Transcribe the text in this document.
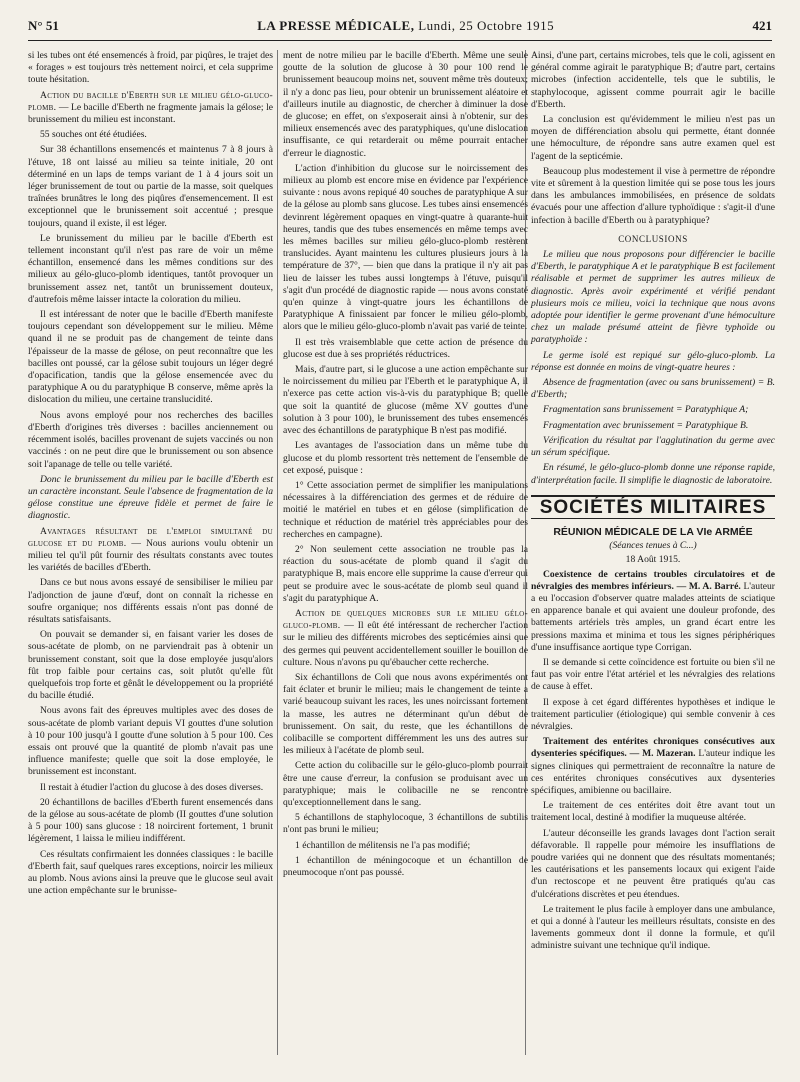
N° 51	LA PRESSE MÉDICALE, Lundi, 25 Octobre 1915	421

si les tubes ont été ensemencés à froid, par piqûres, le trajet des « forages » est toujours très nettement noirci, et cela supprime toute hésitation.

Action du bacille d'Eberth sur le milieu gélo-gluco-plomb. — Le bacille d'Eberth ne fragmente jamais la gélose; le brunissement du milieu est inconstant.

55 souches ont été étudiées.

Sur 38 échantillons ensemencés et maintenus 7 à 8 jours à l'étuve, 18 ont laissé au milieu sa teinte initiale, 20 ont déterminé en un laps de temps variant de 1 à 4 jours soit un léger brunissement de tout ou partie de la masse, soit quelques traînées brunâtres le long des piqûres d'ensemencement. Il est exceptionnel que le brunissement soit accentué ; presque toujours, quand il existe, il est léger.

Le brunissement du milieu par le bacille d'Eberth est tellement inconstant qu'il n'est pas rare de voir un même échantillon, ensemencé dans les mêmes conditions sur des milieux au gélo-gluco-plomb identiques, tantôt provoquer un brunissement assez net, tantôt un brunissement douteux, d'autrefois même laisser intacte la coloration du milieu.

Il est intéressant de noter que le bacille d'Eberth manifeste toujours cependant son développement sur le milieu. Même quand il ne se produit pas de changement de teinte dans l'épaisseur de la masse de gélose, on peut reconnaître que les bacilles ont poussé, car la gélose subit toujours un léger degré d'opacification, tandis que la gélose ensemencée avec du paratyphique A ou du paratyphique B conserve, même après la dislocation du milieu, une certaine translucidité.

Nous avons employé pour nos recherches des bacilles d'Eberth d'origines très diverses : bacilles anciennement ou récemment isolés, bacilles provenant de sujets vaccinés ou non vaccinés : on ne peut dire que le brunissement ou son absence soit l'apanage de telle ou telle variété.

Donc le brunissement du milieu par le bacille d'Eberth est un caractère inconstant. Seule l'absence de fragmentation de la gélose constitue une épreuve fidèle et permet de faire le diagnostic.

Avantages résultant de l'emploi simultané du glucose et du plomb. — Nous aurions voulu obtenir un milieu tel qu'il pût fournir des résultats constants avec toutes les variétés de bacilles d'Eberth.

Dans ce but nous avons essayé de sensibiliser le milieu par l'adjonction de jaune d'œuf, dont on connaît la richesse en soufre organique; nos différents essais n'ont pas donné de résultats satisfaisants.

On pouvait se demander si, en faisant varier les doses de sous-acétate de plomb, on ne parviendrait pas à obtenir un brunissement constant, soit que la dose employée jusqu'alors fût trop faible pour certains cas, soit plutôt qu'elle fût quelquefois trop forte et gênât le développement ou la propriété du bacille étudié.

Nous avons fait des épreuves multiples avec des doses de sous-acétate de plomb variant depuis VI gouttes d'une solution à 10 pour 100 jusqu'à I goutte d'une solution à 5 pour 100. Ces essais ont prouvé que la quantité de plomb n'avait pas une influence manifeste; quelle que soit la dose employée, le brunissement est inconstant.

Il restait à étudier l'action du glucose à des doses diverses.

20 échantillons de bacilles d'Eberth furent ensemencés dans de la gélose au sous-acétate de plomb (II gouttes d'une solution à 5 pour 100) sans glucose : 18 noircirent fortement, 1 brunit légèrement, 1 laissa le milieu indifférent.

Ces résultats confirmaient les données classiques : le bacille d'Eberth fait, sauf quelques rares exceptions, noircir les milieux au plomb. Nous avions ainsi la preuve que le glucose seul avait une action empêchante sur le brunisse-

ment de notre milieu par le bacille d'Eberth. Même une seule goutte de la solution de glucose à 30 pour 100 rend le brunissement beaucoup moins net, souvent même très douteux; il n'y a donc pas lieu, pour obtenir un brunissement aléatoire et d'ailleurs inutile au diagnostic, de chercher à diminuer la dose de glucose; en effet, on s'exposerait ainsi à n'obtenir, sur des milieux ensemencés avec des paratyphiques, qu'une dislocation insuffisante, ce qui retarderait ou même pourrait entacher d'erreur le diagnostic.

L'action d'inhibition du glucose sur le noircissement des milieux au plomb est encore mise en évidence par l'expérience suivante : nous avons repiqué 40 souches de paratyphique A sur de la gélose au plomb sans glucose. Les tubes ainsi ensemencés devinrent légèrement opaques en vingt-quatre à quarante-huit heures, tandis que des tubes ensemencés en même temps avec les mêmes bacilles sur milieu gélo-gluco-plomb restèrent translucides. Ayant maintenu les cultures plusieurs jours à la température de 37°, — bien que dans la pratique il n'y ait pas lieu de laisser les tubes aussi longtemps à l'étuve, puisqu'il s'agit d'un procédé de diagnostic rapide — nous avons constaté qu'en quinze à vingt-quatre jours les échantillons de Paratyphique A finissaient par foncer le milieu gélo-plomb, alors que le milieu gélo-gluco-plomb n'avait pas varié de teinte.

Il est très vraisemblable que cette action de présence du glucose est due à ses propriétés réductrices.

Mais, d'autre part, si le glucose a une action empêchante sur le noircissement du milieu par l'Eberth et le paratyphique A, il n'exerce pas cette action vis-à-vis du paratyphique B; quelle que soit la quantité de glucose (même XV gouttes d'une solution à 3 pour 100), le brunissement des tubes ensemencés avec des échantillons de paratyphique B n'est pas modifié.

Les avantages de l'association dans un même tube du glucose et du plomb ressortent très nettement de l'ensemble de cet exposé, puisque :

1° Cette association permet de simplifier les manipulations nécessaires à la différenciation des germes et de réduire de moitié le matériel en tubes et en gélose (simplification de technique et réduction de matériel très appréciables pour des recherches en campagne).

2° Non seulement cette association ne trouble pas la réaction du sous-acétate de plomb quand il s'agit du paratyphique B, mais encore elle supprime la cause d'erreur qui peut se produire avec le sous-acétate de plomb seul quand il s'agit du paratyphique A.

Action de quelques microbes sur le milieu gélo-gluco-plomb. — Il eût été intéressant de rechercher l'action sur le milieu des différents microbes des septicémies ainsi que des germes qui peuvent accidentellement souiller le bouillon de culture. Nous n'avons pu qu'ébaucher cette recherche.

Six échantillons de Coli que nous avons expérimentés ont fait éclater et brunir le milieu; mais le changement de teinte a varié beaucoup suivant les races, les unes noircissant fortement la masse, les autres ne déterminant qu'un début de brunissement. On sait, du reste, que les échantillons de colibacille se comportent différemment les uns des autres sur les milieux à l'acétate de plomb seul.

Cette action du colibacille sur le gélo-gluco-plomb pourrait être une cause d'erreur, la confusion se produisant avec un paratyphique; mais le colibacille ne se rencontre qu'exceptionnellement dans le sang.

5 échantillons de staphylocoque, 3 échantillons de subtilis n'ont pas bruni le milieu;

1 échantillon de mélitensis ne l'a pas modifié;

1 échantillon de méningocoque et un échantillon de pneumocoque n'ont pas poussé.

Ainsi, d'une part, certains microbes, tels que le coli, agissent en général comme agirait le paratyphique B; d'autre part, certains microbes (infection accidentelle, tels que le subtilis, le staphylocoque, agissent comme pourrait agir le bacille d'Eberth.

La conclusion est qu'évidemment le milieu n'est pas un moyen de différenciation absolu qui permette, étant donnée une hémoculture, de répondre sans autre examen quel est l'agent de la septicémie.

Beaucoup plus modestement il vise à permettre de répondre vite et sûrement à la question limitée qui se pose tous les jours dans les ambulances immobilisées, en présence de soldats évacués pour une affection d'allure typhoïdique : s'agit-il d'une infection à bacille d'Eberth ou à paratyphique?

CONCLUSIONS

Le milieu que nous proposons pour différencier le bacille d'Eberth, le paratyphique A et le paratyphique B est facilement réalisable et permet de supprimer les autres milieux de diagnostic. Après avoir expérimenté et vérifié pendant plusieurs mois ce milieu, voici la technique que nous avons adoptée pour identifier le germe provenant d'une hémoculture chez un malade présumé atteint de fièvre typhoïde ou paratyphoïde :

Le germe isolé est repiqué sur gélo-gluco-plomb. La réponse est donnée en moins de vingt-quatre heures :

Absence de fragmentation (avec ou sans brunissement) = B. d'Eberth;

Fragmentation sans brunissement = Paratyphique A;

Fragmentation avec brunissement = Paratyphique B.

Vérification du résultat par l'agglutination du germe avec un sérum spécifique.

En résumé, le gélo-gluco-plomb donne une réponse rapide, d'interprétation facile. Il simplifie le diagnostic de laboratoire.

SOCIÉTÉS MILITAIRES
RÉUNION MÉDICALE DE LA VIe ARMÉE
(Séances tenues à C...)
18 Août 1915.

Coexistence de certains troubles circulatoires et de névralgies des membres inférieurs. — M. A. Barré. L'auteur a eu l'occasion d'observer quatre malades atteints de sciatique en apparence banale et qui avaient une douleur profonde, des battements artériels très amples, un grand écart entre les pressions maxima et minima et tous les signes périphériques d'une insuffisance aortique type Corrigan.

Il se demande si cette coïncidence est fortuite ou bien s'il ne faut pas voir entre l'état artériel et les névralgies des relations de cause à effet.

Il expose à cet égard différentes hypothèses et indique le traitement particulier (étiologique) qui semble convenir à ces névralgies.

Traitement des entérites chroniques consécutives aux dysenteries spécifiques. — M. Mazeran. L'auteur indique les signes cliniques qui permettraient de reconnaître la nature de ces entérites chroniques consécutives aux dysenteries spécifiques, amibienne ou bacillaire.

Le traitement de ces entérites doit être avant tout un traitement local, destiné à modifier la muqueuse altérée.

L'auteur déconseille les grands lavages dont l'action serait défavorable. Il rappelle pour mémoire les insufflations de poudre variées qui ne donnent que des résultats momentanés; les cautérisations et les pansements locaux qui exigent l'aide d'un rectoscope et ne peuvent être pratiqués qu'au cas d'ulcérations discrètes et peu étendues.

Le traitement le plus facile à employer dans une ambulance, et qui a donné à l'auteur les meilleurs résultats, consiste en des lavements gommeux dont il donne la formule, et qu'il administre suivant une technique qu'il indique.
